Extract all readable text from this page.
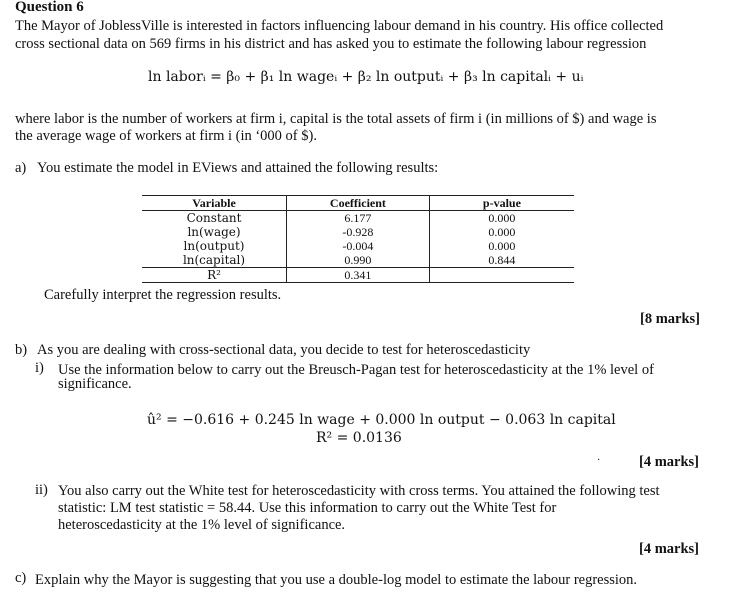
Question 6
The Mayor of JoblessVille is interested in factors influencing labour demand in his country. His office collected
cross sectional data on 569 firms in his district and has asked you to estimate the following labour regression
ln laborᵢ = β₀ + β₁ ln wageᵢ + β₂ ln outputᵢ + β₃ ln capitalᵢ + uᵢ
where labor is the number of workers at firm i, capital is the total assets of firm i (in millions of $) and wage is
the average wage of workers at firm i (in ‘000 of $).
a) You estimate the model in EViews and attained the following results:
Variable	Coefficient	p-value
Constant	6.177	0.000
ln(wage)	-0.928	0.000
ln(output)	-0.004	0.000
ln(capital)	0.990	0.844
R²	0.341	
Carefully interpret the regression results.
[8 marks]
b) As you are dealing with cross-sectional data, you decide to test for heteroscedasticity
i) Use the information below to carry out the Breusch-Pagan test for heteroscedasticity at the 1% level of
significance.
û² = −0.616 + 0.245 ln wage + 0.000 ln output − 0.063 ln capital
R² = 0.0136
·	[4 marks]
ii) You also carry out the White test for heteroscedasticity with cross terms. You attained the following test
statistic: LM test statistic = 58.44. Use this information to carry out the White Test for
heteroscedasticity at the 1% level of significance.
[4 marks]
c) Explain why the Mayor is suggesting that you use a double-log model to estimate the labour regression.
